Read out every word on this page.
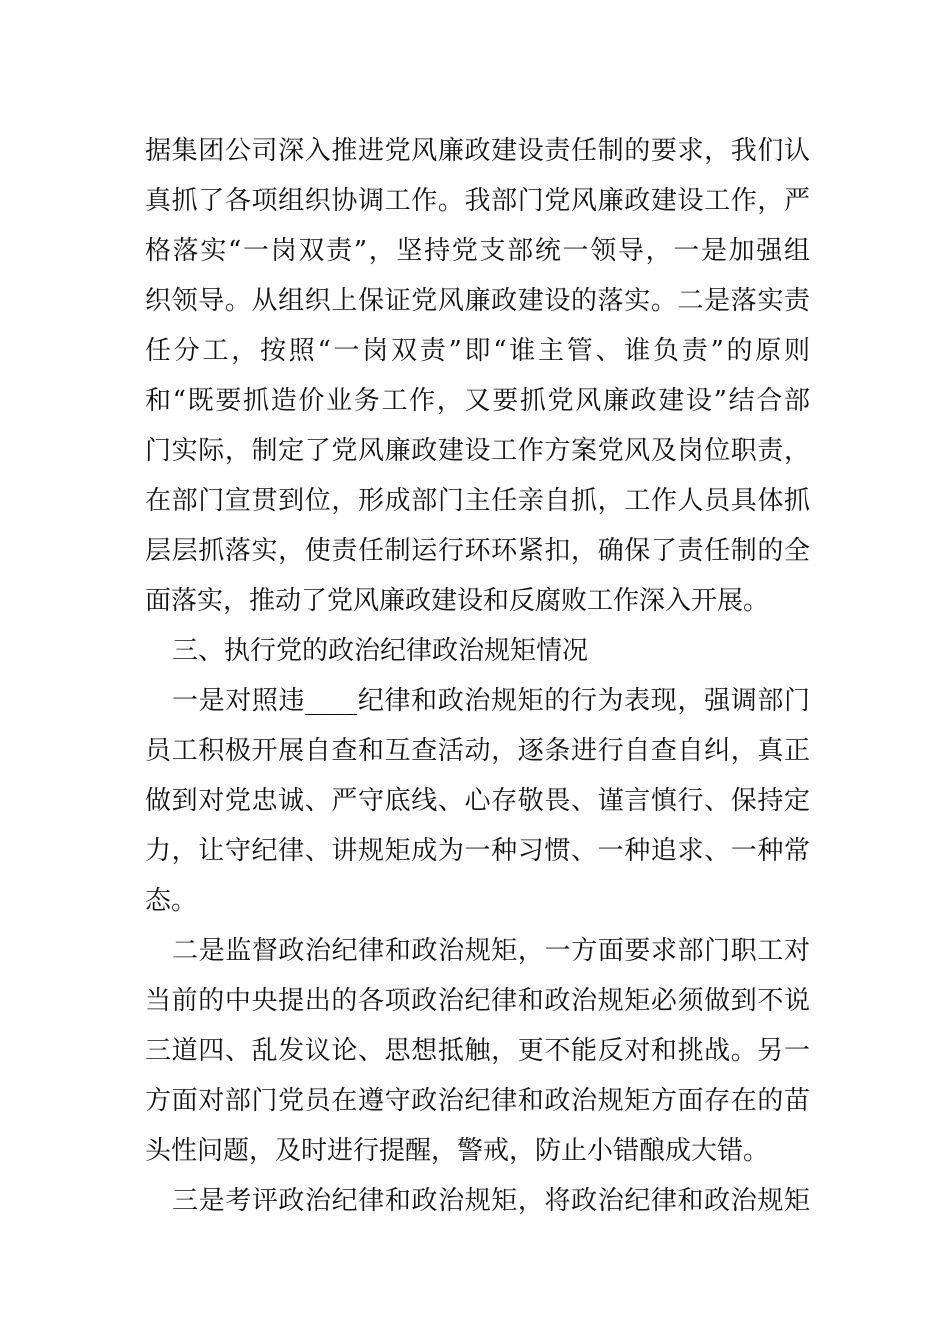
据集团公司深入推进党风廉政建设责任制的要求，我们认
真抓了各项组织协调工作。我部门党风廉政建设工作，严
格落实“一岗双责”，坚持党支部统一领导，一是加强组
织领导。从组织上保证党风廉政建设的落实。二是落实责
任分工，按照“一岗双责”即“谁主管、谁负责”的原则
和“既要抓造价业务工作，又要抓党风廉政建设”结合部
门实际，制定了党风廉政建设工作方案党风及岗位职责，
在部门宣贯到位，形成部门主任亲自抓，工作人员具体抓
层层抓落实，使责任制运行环环紧扣，确保了责任制的全
面落实，推动了党风廉政建设和反腐败工作深入开展。
三、执行党的政治纪律政治规矩情况
一是对照违____纪律和政治规矩的行为表现，强调部门
员工积极开展自查和互查活动，逐条进行自查自纠，真正
做到对党忠诚、严守底线、心存敬畏、谨言慎行、保持定
力，让守纪律、讲规矩成为一种习惯、一种追求、一种常
态。
二是监督政治纪律和政治规矩，一方面要求部门职工对
当前的中央提出的各项政治纪律和政治规矩必须做到不说
三道四、乱发议论、思想抵触，更不能反对和挑战。另一
方面对部门党员在遵守政治纪律和政治规矩方面存在的苗
头性问题，及时进行提醒，警戒，防止小错酿成大错。
三是考评政治纪律和政治规矩，将政治纪律和政治规矩
